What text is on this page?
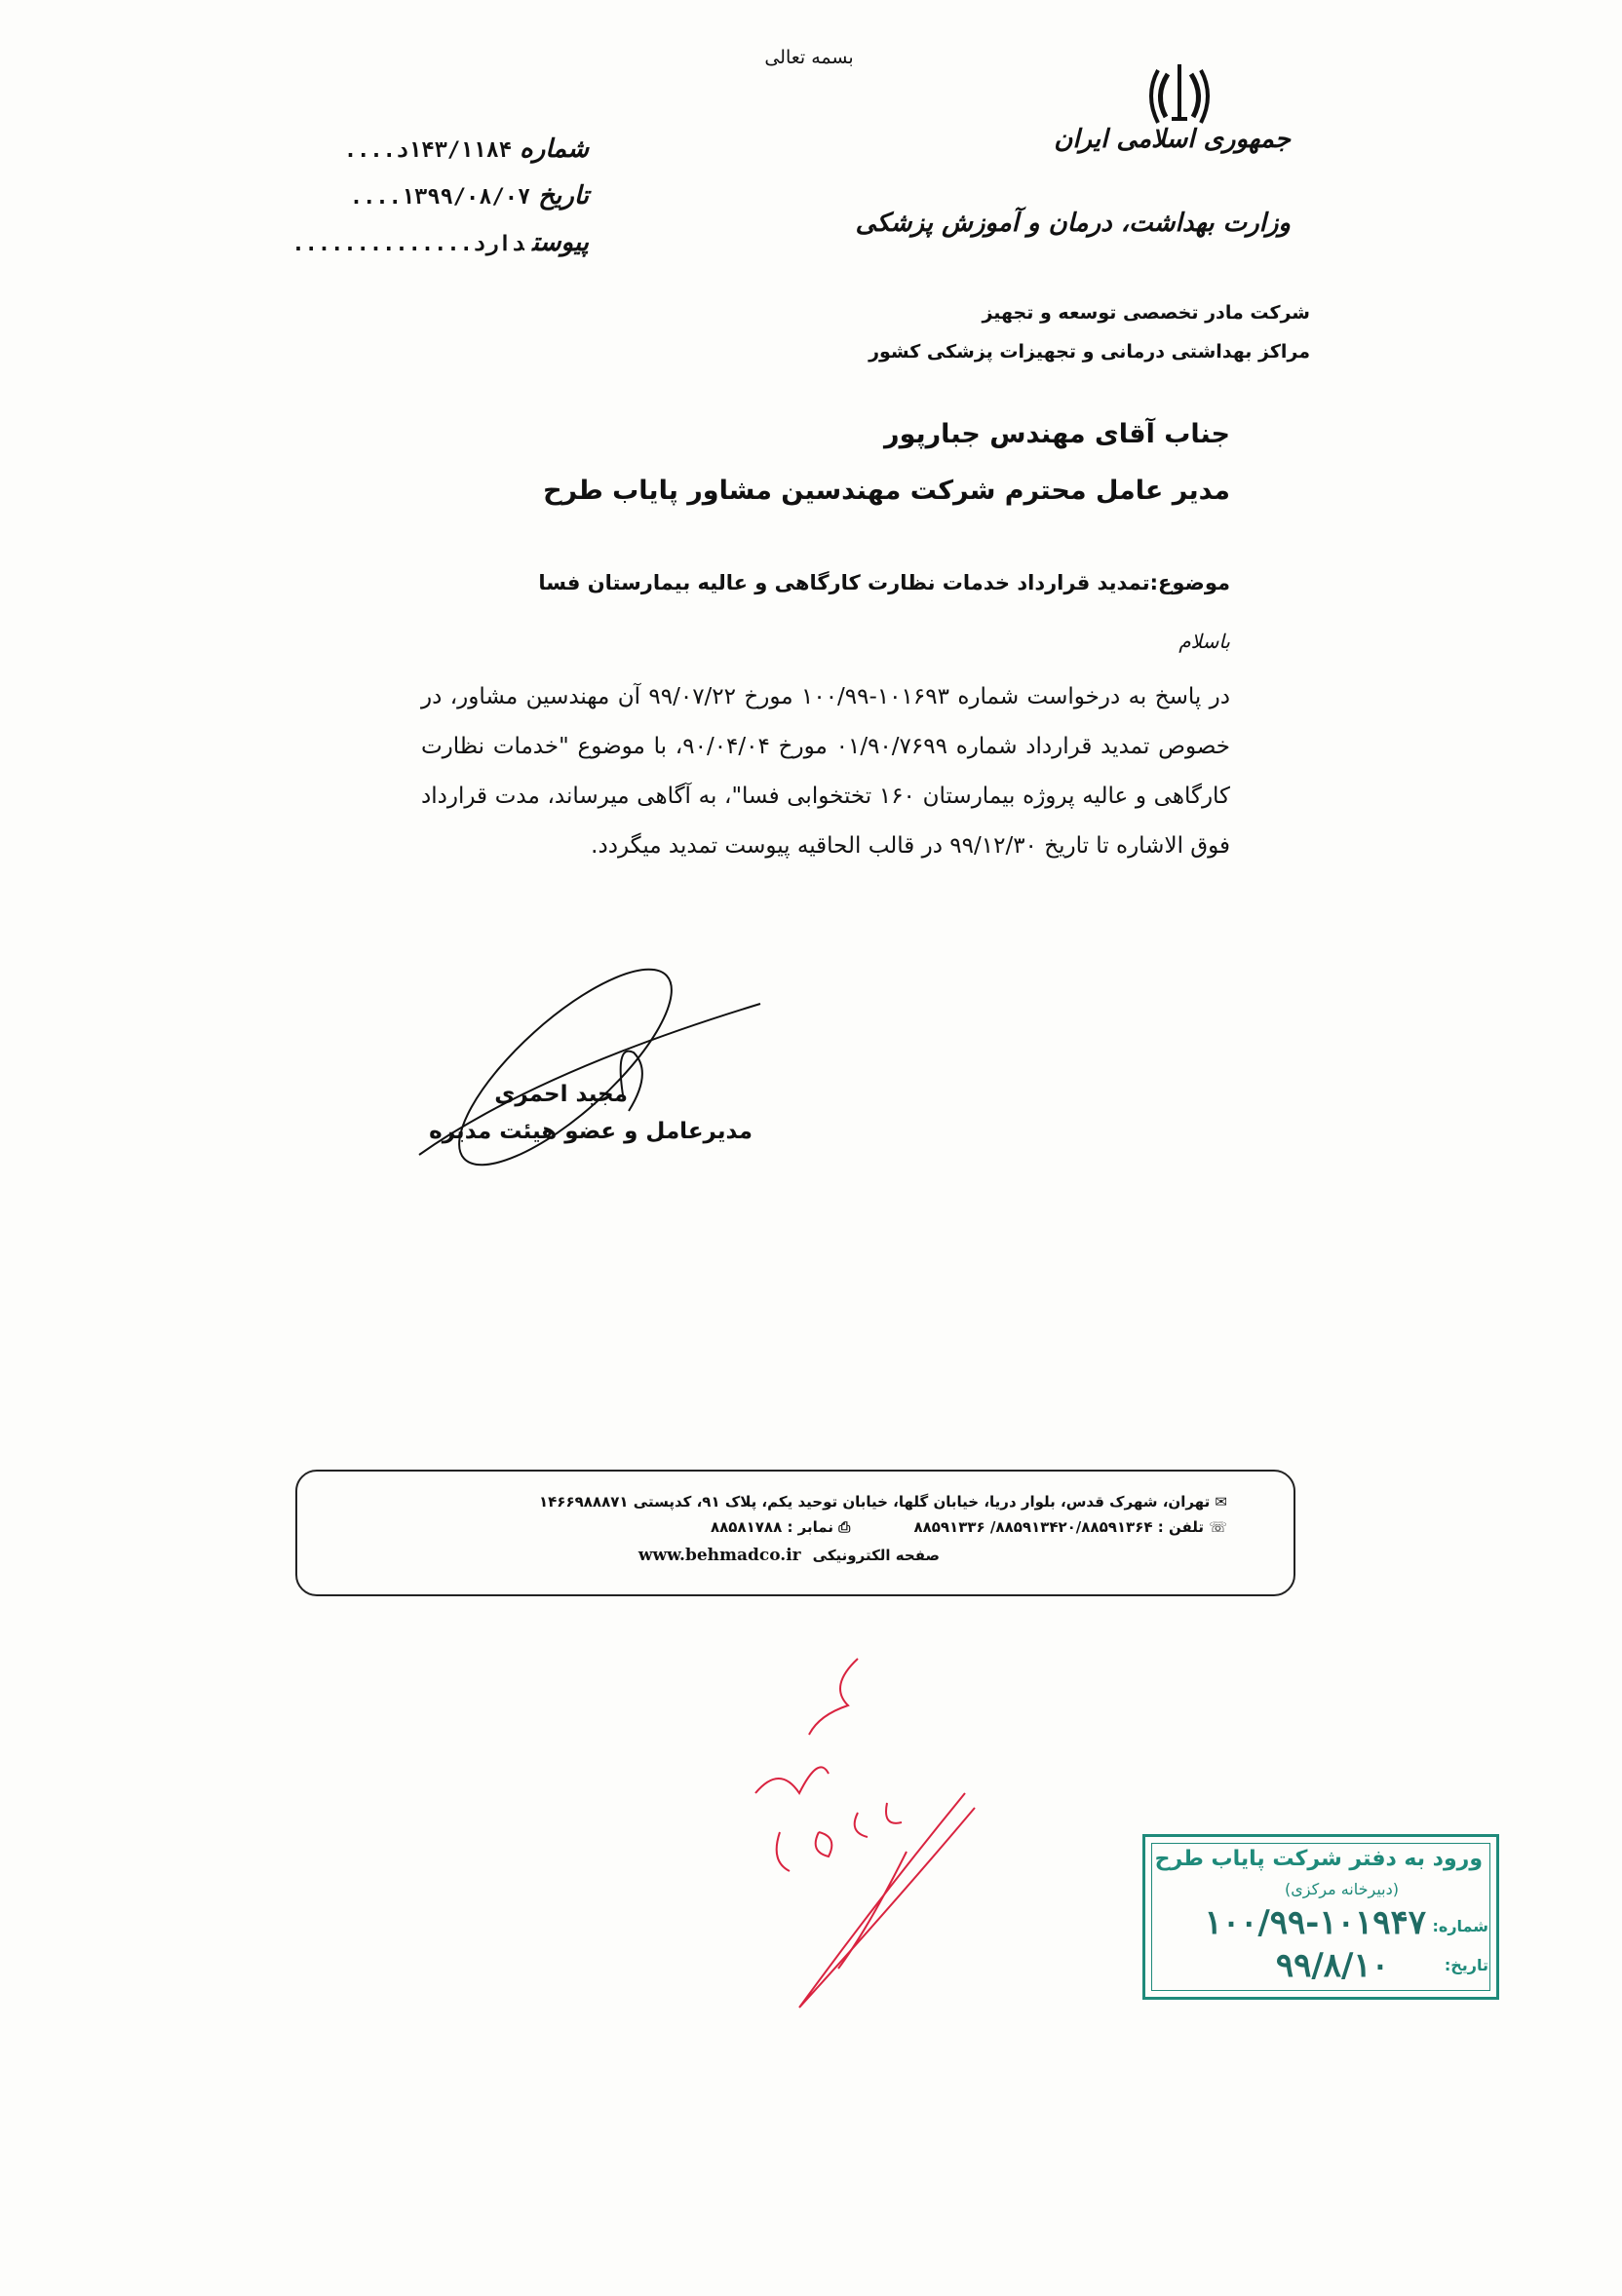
بسمه تعالی
جمهوری اسلامی ایران
وزارت بهداشت، درمان و آموزش پزشکی
شماره۱۴۳/۱۱۸۴د....
تاریخ۱۳۹۹/۰۸/۰۷....
پیوستدارد..............
شرکت مادر تخصصی توسعه و تجهیز
مراکز بهداشتی درمانی و تجهیزات پزشکی کشور
جناب آقای مهندس جبارپور
مدیر عامل محترم شرکت مهندسین مشاور پایاب طرح
موضوع:تمدید قرارداد خدمات نظارت کارگاهی و عالیه بیمارستان فسا
باسلام
در پاسخ به درخواست شماره ۱۰۱۶۹۳-۱۰۰/۹۹ مورخ ۹۹/۰۷/۲۲ آن مهندسین مشاور، در خصوص تمدید قرارداد شماره ۰۱/۹۰/۷۶۹۹ مورخ ۹۰/۰۴/۰۴، با موضوع "خدمات نظارت کارگاهی و عالیه پروژه بیمارستان ۱۶۰ تختخوابی فسا"، به آگاهی میرساند، مدت قرارداد فوق الاشاره تا تاریخ ۹۹/۱۲/۳۰ در قالب الحاقیه پیوست تمدید میگردد.
مجید احمری
مدیرعامل و عضو هیئت مدیره
✉ تهران، شهرک قدس، بلوار دریا، خیابان گلها، خیابان توحید یکم، پلاک ۹۱، کدپستی ۱۴۶۶۹۸۸۸۷۱
☏ تلفن : ۸۸۵۹۱۳۴۲۰/۸۸۵۹۱۳۶۴/ ۸۸۵۹۱۳۳۶ ⎙ نمابر : ۸۸۵۸۱۷۸۸
صفحه الکترونیکیwww.behmadco.ir
ورود به دفتر شرکت پایاب طرح
(دبیرخانه مرکزی)
شماره:
۱۰۰/۹۹-۱۰۱۹۴۷
تاریخ:
۹۹/۸/۱۰
